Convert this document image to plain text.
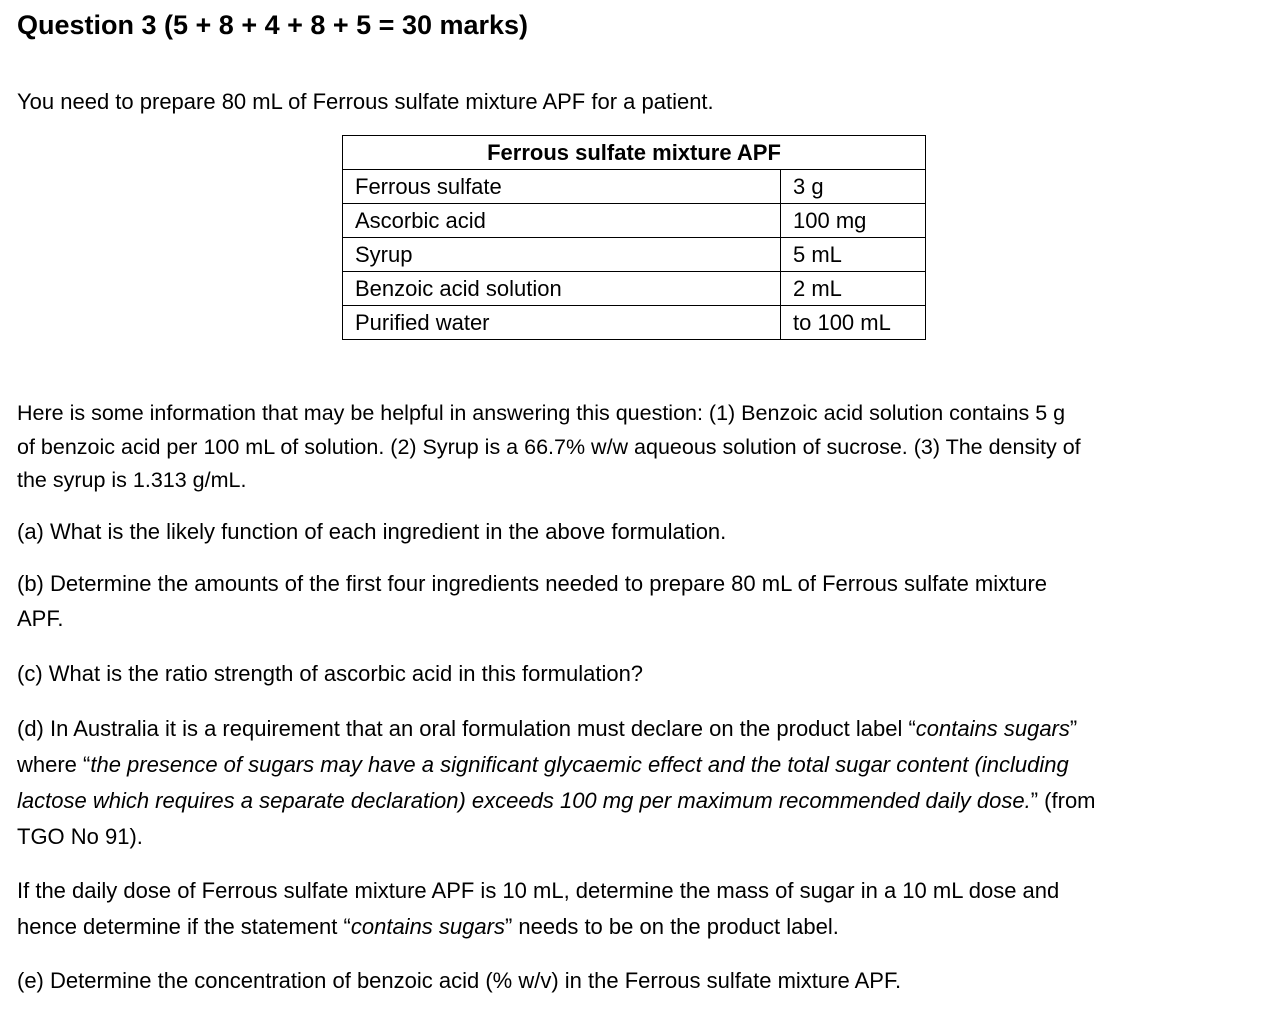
Question 3 (5 + 8 + 4 + 8 + 5 = 30 marks)
You need to prepare 80 mL of Ferrous sulfate mixture APF for a patient.
Ferrous sulfate mixture APF	
Ferrous sulfate	3 g
Ascorbic acid	100 mg
Syrup	5 mL
Benzoic acid solution	2 mL
Purified water	to 100 mL
Here is some information that may be helpful in answering this question: (1) Benzoic acid solution contains 5 g
of benzoic acid per 100 mL of solution. (2) Syrup is a 66.7% w/w aqueous solution of sucrose. (3) The density of
the syrup is 1.313 g/mL.
(a) What is the likely function of each ingredient in the above formulation.
(b) Determine the amounts of the first four ingredients needed to prepare 80 mL of Ferrous sulfate mixture
APF.
(c) What is the ratio strength of ascorbic acid in this formulation?
(d) In Australia it is a requirement that an oral formulation must declare on the product label “contains sugars”
where “the presence of sugars may have a significant glycaemic effect and the total sugar content (including
lactose which requires a separate declaration) exceeds 100 mg per maximum recommended daily dose.” (from
TGO No 91).
If the daily dose of Ferrous sulfate mixture APF is 10 mL, determine the mass of sugar in a 10 mL dose and
hence determine if the statement “contains sugars” needs to be on the product label.
(e) Determine the concentration of benzoic acid (% w/v) in the Ferrous sulfate mixture APF.
